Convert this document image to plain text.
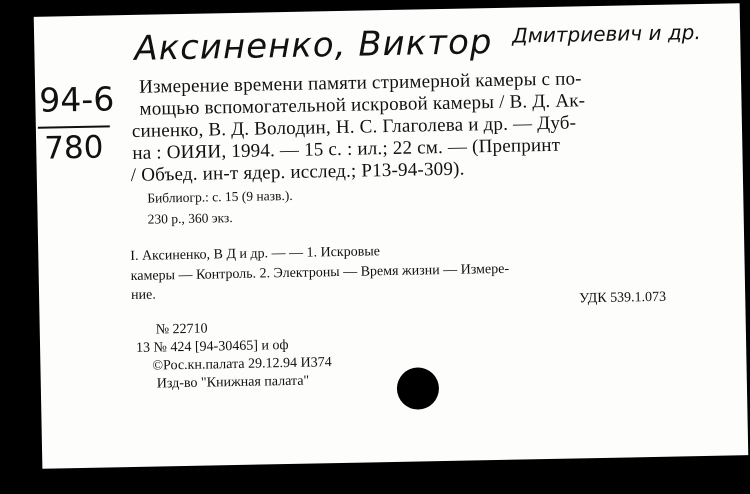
Аксиненко, Виктор Дмитриевич и др.
94-6
780
Измерение времени памяти стримерной камеры с по-
мощью вспомогательной искровой камеры / В. Д. Ак-
синенко, В. Д. Володин, Н. С. Глаголева и др. — Дуб-
на : ОИЯИ, 1994. — 15 с. : ил.; 22 см. — (Препринт
/ Объед. ин-т ядер. исслед.; Р13-94-309).
Библиогр.: с. 15 (9 назв.).
230 р., 360 экз.
I. Аксиненко, В Д и др. — — 1. Искровые
камеры — Контроль. 2. Электроны — Время жизни — Измере-
ние.	УДК 539.1.073
№ 22710
13 № 424 [94-30465] и оф
©Рос.кн.палата 29.12.94 И374
Изд-во "Книжная палата"
